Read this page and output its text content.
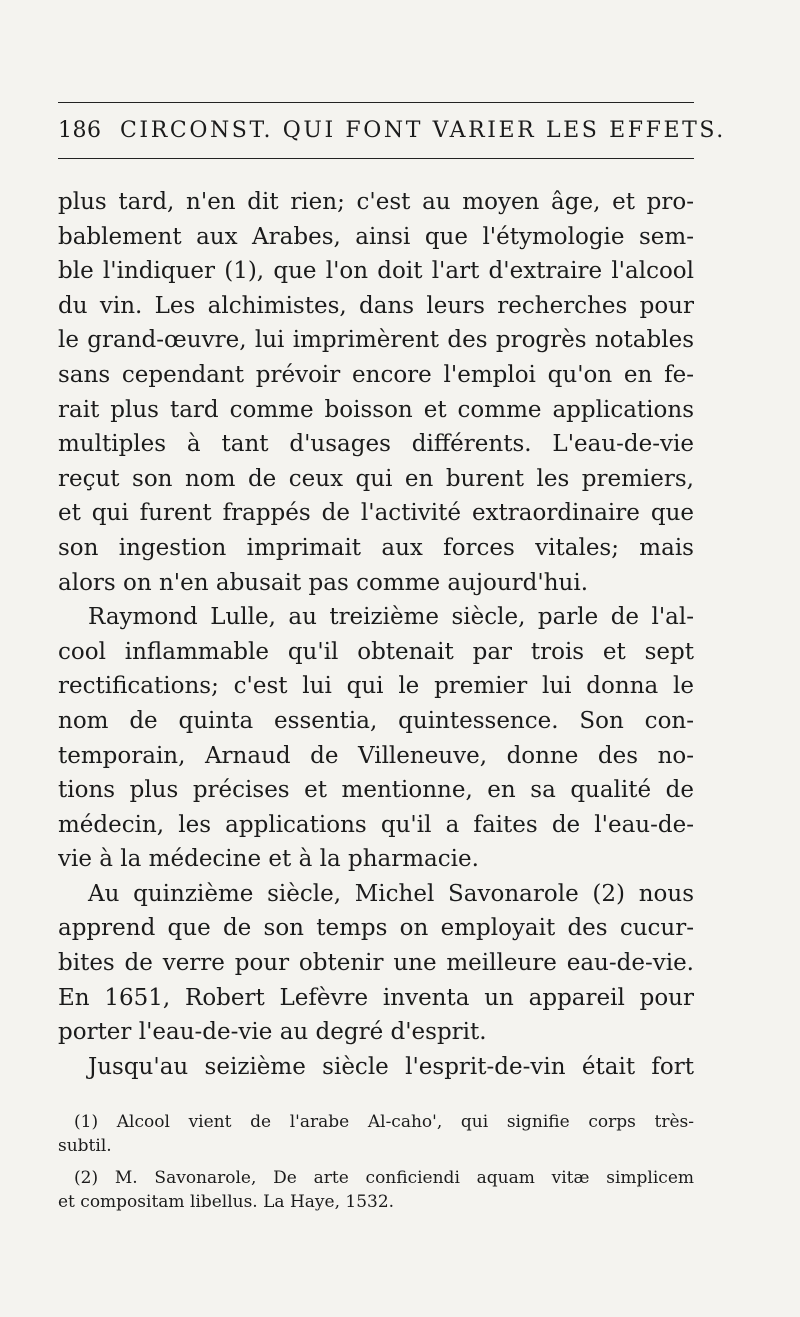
186 CIRCONST. QUI FONT VARIER LES EFFETS.
plus tard, n'en dit rien; c'est au moyen âge, et pro-
bablement aux Arabes, ainsi que l'étymologie sem-
ble l'indiquer (1), que l'on doit l'art d'extraire l'alcool
du vin. Les alchimistes, dans leurs recherches pour
le grand-œuvre, lui imprimèrent des progrès notables
sans cependant prévoir encore l'emploi qu'on en fe-
rait plus tard comme boisson et comme applications
multiples à tant d'usages différents. L'eau-de-vie
reçut son nom de ceux qui en burent les premiers,
et qui furent frappés de l'activité extraordinaire que
son ingestion imprimait aux forces vitales; mais
alors on n'en abusait pas comme aujourd'hui.
Raymond Lulle, au treizième siècle, parle de l'al-
cool inflammable qu'il obtenait par trois et sept
rectifications; c'est lui qui le premier lui donna le
nom de quinta essentia, quintessence. Son con-
temporain, Arnaud de Villeneuve, donne des no-
tions plus précises et mentionne, en sa qualité de
médecin, les applications qu'il a faites de l'eau-de-
vie à la médecine et à la pharmacie.
Au quinzième siècle, Michel Savonarole (2) nous
apprend que de son temps on employait des cucur-
bites de verre pour obtenir une meilleure eau-de-vie.
En 1651, Robert Lefèvre inventa un appareil pour
porter l'eau-de-vie au degré d'esprit.
Jusqu'au seizième siècle l'esprit-de-vin était fort
(1) Alcool vient de l'arabe Al-caho', qui signifie corps très-
subtil.
(2) M. Savonarole, De arte conficiendi aquam vitæ simplicem
et compositam libellus. La Haye, 1532.
